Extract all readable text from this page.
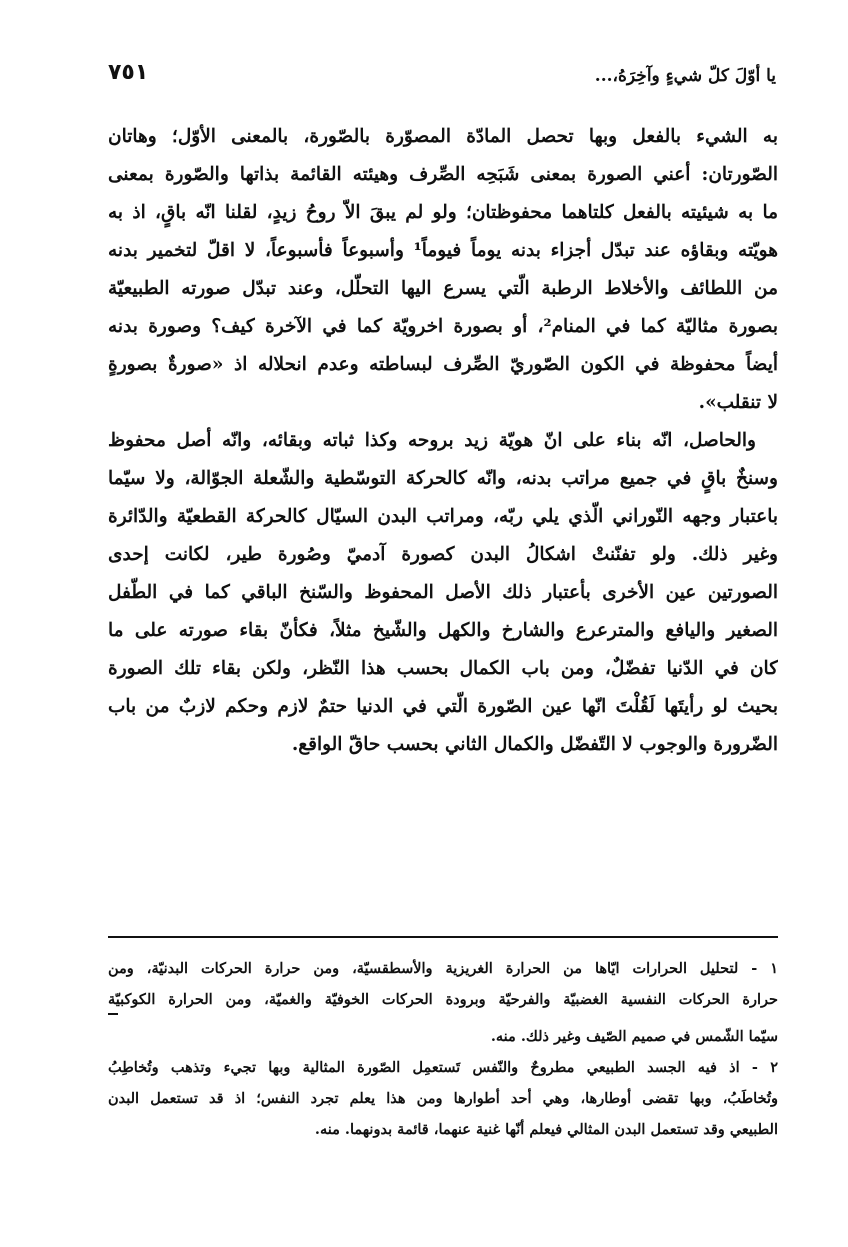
٧٥١	يا أوّلَ كلّ شيءٍ وآخِرَهُ،...
به الشيء بالفعل وبها تحصل المادّة المصوّرة بالصّورة، بالمعنى الأوّل؛ وهاتان
الصّورتان: أعني الصورة بمعنى شَبَحِه الصِّرف وهيئته القائمة بذاتها والصّورة بمعنى
ما به شيئيته بالفعل كلتاهما محفوظتان؛ ولو لم يبقَ الاّ روحُ زيدٍ، لقلنا انّه باقٍ، اذ به
هويّته وبقاؤه عند تبدّل أجزاء بدنه يوماً فيوماً¹ وأسبوعاً فأسبوعاً، لا اقلّ لتخمير بدنه
من اللطائف والأخلاط الرطبة الّتي يسرع اليها التحلّل، وعند تبدّل صورته الطبيعيّة
بصورة مثاليّة كما في المنام²، أو بصورة اخرويّة كما في الآخرة كيف؟ وصورة بدنه
أيضاً محفوظة في الكون الصّوريّ الصِّرف لبساطته وعدم انحلاله اذ «صورةٌ بصورةٍ
لا تنقلب».
والحاصل، انّه بناء على انّ هويّة زيد بروحه وكذا ثباته وبقائه، وانّه أصل محفوظ
وسنخٌ باقٍ في جميع مراتب بدنه، وانّه كالحركة التوسّطية والشّعلة الجوّالة، ولا سيّما
باعتبار وجهه النّوراني الّذي يلي ربّه، ومراتب البدن السيّال كالحركة القطعيّة والدّائرة
وغير ذلك. ولو تفنّنتْ اشكالُ البدن كصورة آدميّ وصُورة طير، لكانت إحدى
الصورتين عين الأخرى بأعتبار ذلك الأصل المحفوظ والسّنخ الباقي كما في الطّفل
الصغير واليافع والمترعرع والشارخ والكهل والشّيخ مثلاً، فكأنّ بقاء صورته على ما
كان في الدّنيا تفضّلٌ، ومن باب الكمال بحسب هذا النّظر، ولكن بقاء تلك الصورة
بحيث لو رأيتَها لَقُلْتَ انّها عين الصّورة الّتي في الدنيا حتمٌ لازم وحكم لازبٌ من باب
الضّرورة والوجوب لا التّفضّل والكمال الثاني بحسب حاقّ الواقع.
١ - لتحليل الحرارات ايّاها من الحرارة الغريزية والأسطقسيّة، ومن حرارة الحركات البدنيّة، ومن
حرارة الحركات النفسية الغضبيّة والفرحيّة وبرودة الحركات الخوفيّة والغميّة، ومن الحرارة الكوكبيّة
سيّما الشّمس في صميم الصّيف وغير ذلك. منه.
٢ - اذ فيه الجسد الطبيعي مطروحٌ والنّفس تَستعمِل الصّورة المثالية وبها تجيء وتذهب وتُخاطِبُ
وتُخاطَبُ، وبها تقضى أوطارها، وهي أحد أطوارها ومن هذا يعلم تجرد النفس؛ اذ قد تستعمل البدن
الطبيعي وقد تستعمل البدن المثالي فيعلم أنّها غنية عنهما، قائمة بدونهما. منه.
